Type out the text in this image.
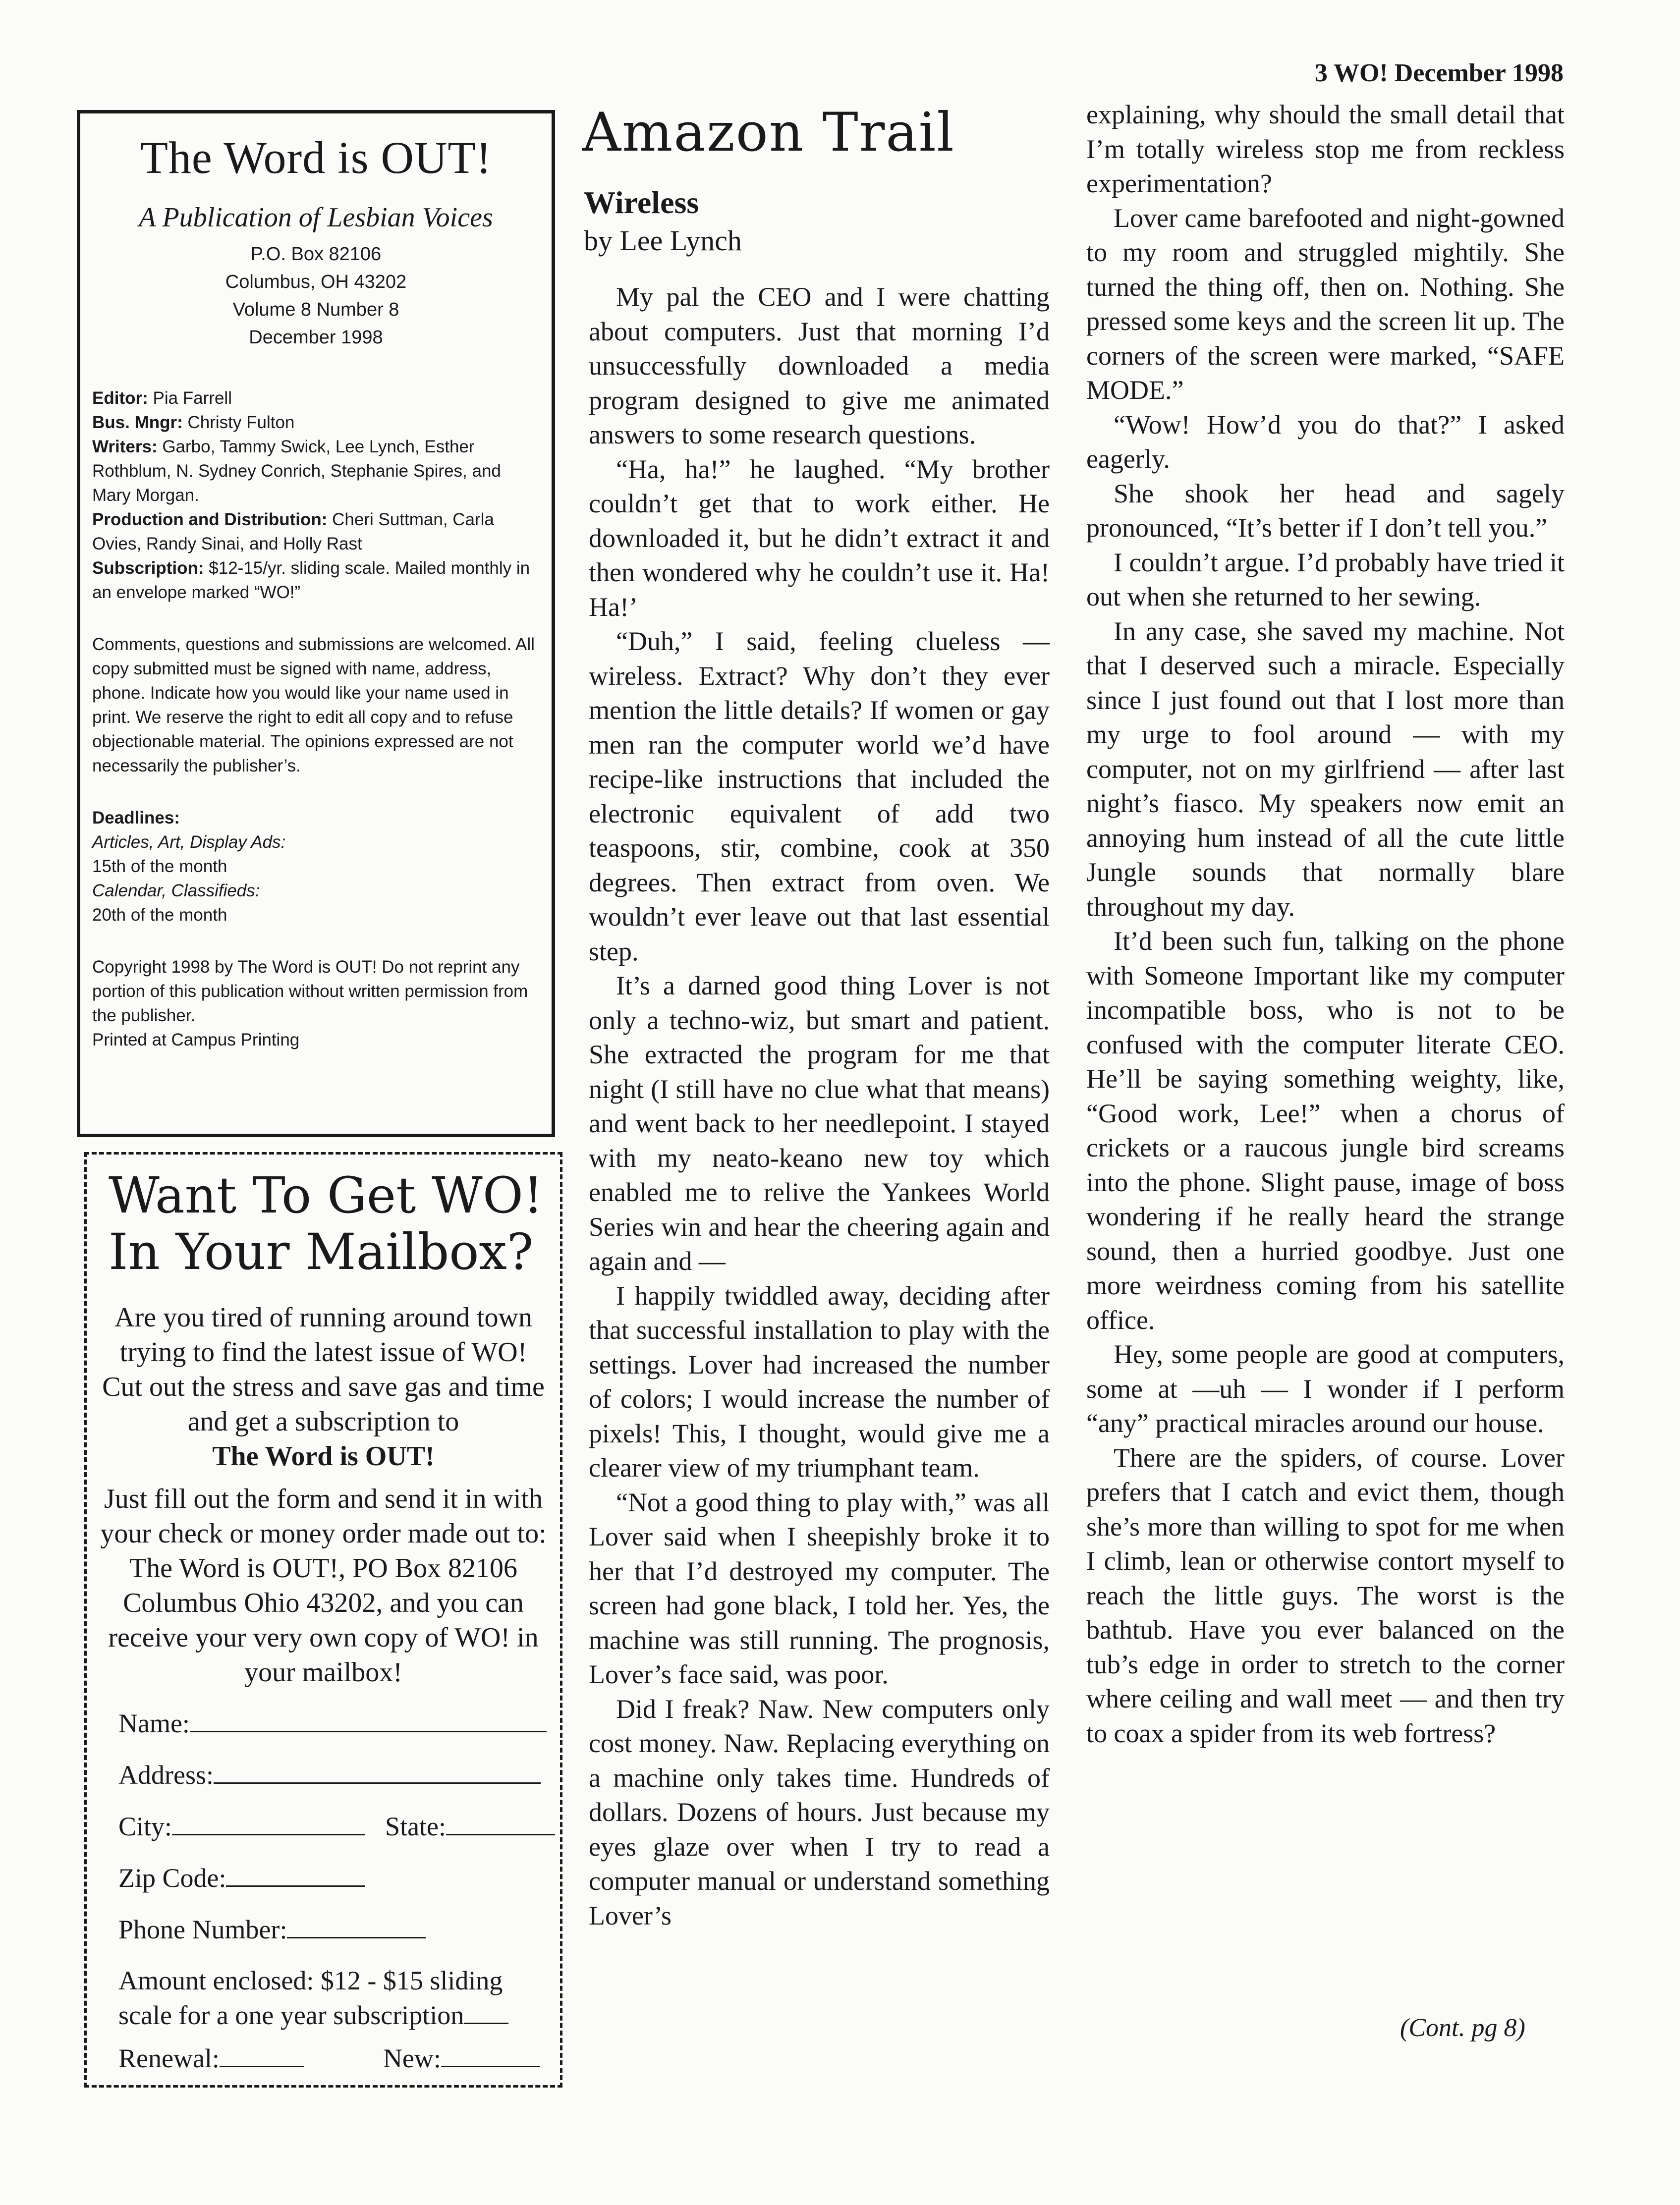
3 WO! December 1998
The Word is OUT!
A Publication of Lesbian Voices
P.O. Box 82106
Columbus, OH 43202
Volume 8 Number 8
December 1998
Editor: Pia Farrell
Bus. Mngr: Christy Fulton
Writers: Garbo, Tammy Swick, Lee Lynch, Esther Rothblum, N. Sydney Conrich, Stephanie Spires, and Mary Morgan.
Production and Distribution: Cheri Suttman, Carla Ovies, Randy Sinai, and Holly Rast
Subscription: $12-15/yr. sliding scale. Mailed monthly in an envelope marked “WO!”
Comments, questions and submissions are welcomed. All copy submitted must be signed with name, address, phone. Indicate how you would like your name used in print. We reserve the right to edit all copy and to refuse objectionable material. The opinions expressed are not necessarily the publisher’s.
Deadlines:
Articles, Art, Display Ads:
15th of the month
Calendar, Classifieds:
20th of the month
Copyright 1998 by The Word is OUT! Do not reprint any portion of this publication without written permission from the publisher.
Printed at Campus Printing
Want To Get WO!
In Your Mailbox?
Are you tired of running around town trying to find the latest issue of WO! Cut out the stress and save gas and time and get a subscription to
The Word is OUT!
Just fill out the form and send it in with your check or money order made out to: The Word is OUT!, PO Box 82106 Columbus Ohio 43202, and you can receive your very own copy of WO! in your mailbox!
Name:
Address:
City:	State:
Zip Code:
Phone Number:
Amount enclosed: $12 - $15 sliding scale for a one year subscription
Renewal:	New:
Amazon Trail
Wireless
by Lee Lynch

My pal the CEO and I were chatting about computers. Just that morning I’d unsuccessfully downloaded a media program designed to give me animated answers to some research questions.

“Ha, ha!” he laughed. “My brother couldn’t get that to work either. He downloaded it, but he didn’t extract it and then wondered why he couldn’t use it. Ha! Ha!’

“Duh,” I said, feeling clueless — wireless. Extract? Why don’t they ever mention the little details? If women or gay men ran the computer world we’d have recipe-like instructions that included the electronic equivalent of add two teaspoons, stir, combine, cook at 350 degrees. Then extract from oven. We wouldn’t ever leave out that last essential step.

It’s a darned good thing Lover is not only a techno-wiz, but smart and patient. She extracted the program for me that night (I still have no clue what that means) and went back to her needlepoint. I stayed with my neato-keano new toy which enabled me to relive the Yankees World Series win and hear the cheering again and again and —

I happily twiddled away, deciding after that successful installation to play with the settings. Lover had increased the number of colors; I would increase the number of pixels! This, I thought, would give me a clearer view of my triumphant team.

“Not a good thing to play with,” was all Lover said when I sheepishly broke it to her that I’d destroyed my computer. The screen had gone black, I told her. Yes, the machine was still running. The prognosis, Lover’s face said, was poor.

Did I freak? Naw. New computers only cost money. Naw. Replacing everything on a machine only takes time. Hundreds of dollars. Dozens of hours. Just because my eyes glaze over when I try to read a computer manual or understand something Lover’s

explaining, why should the small detail that I’m totally wireless stop me from reckless experimentation?

Lover came barefooted and night-gowned to my room and struggled mightily. She turned the thing off, then on. Nothing. She pressed some keys and the screen lit up. The corners of the screen were marked, “SAFE MODE.”

“Wow! How’d you do that?” I asked eagerly.

She shook her head and sagely pronounced, “It’s better if I don’t tell you.”

I couldn’t argue. I’d probably have tried it out when she returned to her sewing.

In any case, she saved my machine. Not that I deserved such a miracle. Especially since I just found out that I lost more than my urge to fool around — with my computer, not on my girlfriend — after last night’s fiasco. My speakers now emit an annoying hum instead of all the cute little Jungle sounds that normally blare throughout my day.

It’d been such fun, talking on the phone with Someone Important like my computer incompatible boss, who is not to be confused with the computer literate CEO. He’ll be saying something weighty, like, “Good work, Lee!” when a chorus of crickets or a raucous jungle bird screams into the phone. Slight pause, image of boss wondering if he really heard the strange sound, then a hurried goodbye. Just one more weirdness coming from his satellite office.

Hey, some people are good at computers, some at —uh — I wonder if I perform “any” practical miracles around our house.

There are the spiders, of course. Lover prefers that I catch and evict them, though she’s more than willing to spot for me when I climb, lean or otherwise contort myself to reach the little guys. The worst is the bathtub. Have you ever balanced on the tub’s edge in order to stretch to the corner where ceiling and wall meet — and then try to coax a spider from its web fortress?

(Cont. pg 8)
